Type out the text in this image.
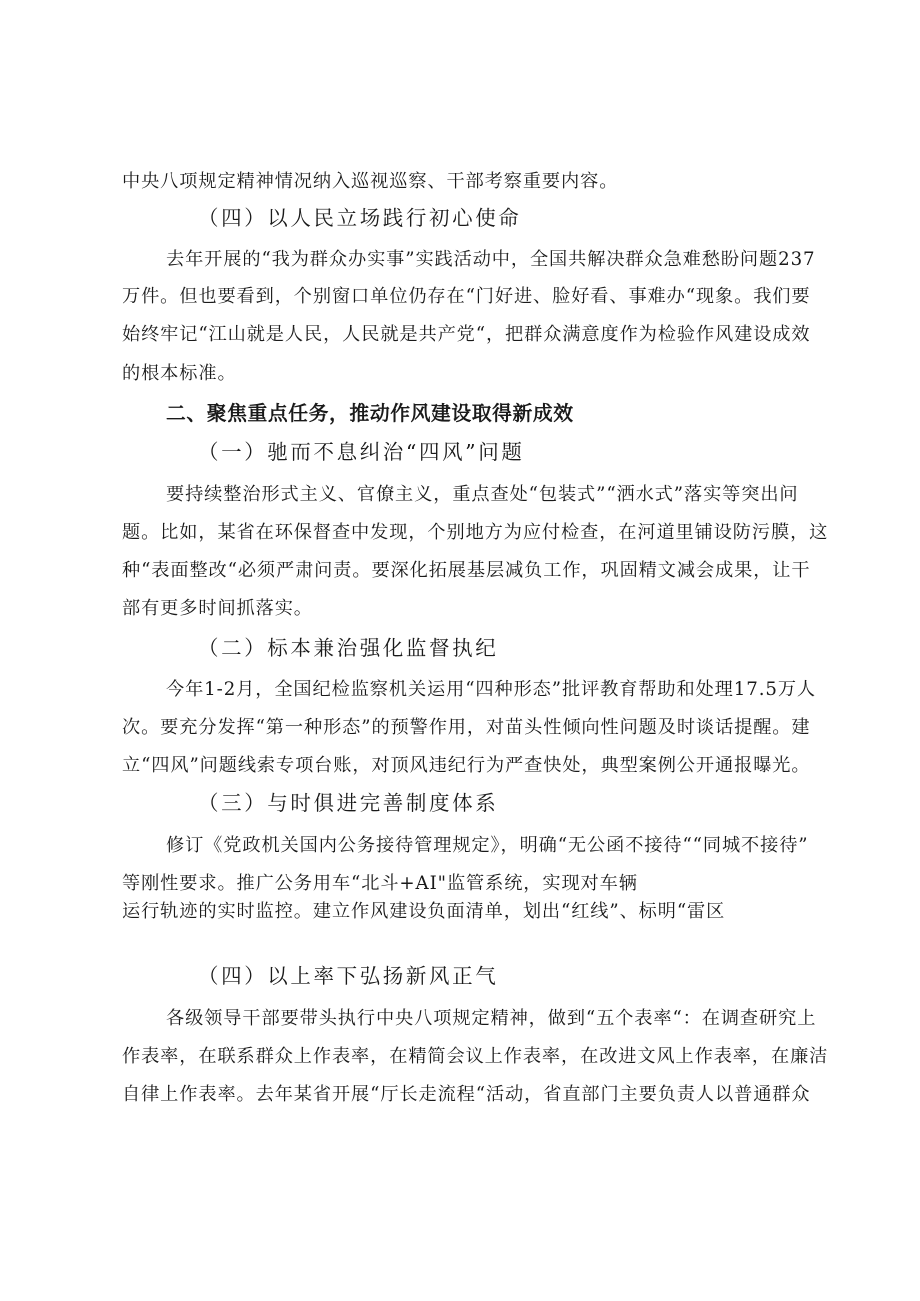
中央八项规定精神情况纳入巡视巡察、干部考察重要内容。
（四）以人民立场践行初心使命
去年开展的“我为群众办实事”实践活动中，全国共解决群众急难愁盼问题237
万件。但也要看到，个别窗口单位仍存在“门好进、脸好看、事难办“现象。我们要
始终牢记“江山就是人民，人民就是共产党“，把群众满意度作为检验作风建设成效
的根本标准。
二、聚焦重点任务，推动作风建设取得新成效
（一）驰而不息纠治“四风”问题
要持续整治形式主义、官僚主义，重点查处“包装式”“洒水式”落实等突出问
题。比如，某省在环保督查中发现，个别地方为应付检查，在河道里铺设防污膜，这
种“表面整改“必须严肃问责。要深化拓展基层减负工作，巩固精文减会成果，让干
部有更多时间抓落实。
（二）标本兼治强化监督执纪
今年1-2月，全国纪检监察机关运用“四种形态”批评教育帮助和处理17.5万人
次。要充分发挥“第一种形态”的预警作用，对苗头性倾向性问题及时谈话提醒。建
立“四风”问题线索专项台账，对顶风违纪行为严查快处，典型案例公开通报曝光。
（三）与时俱进完善制度体系
修订《党政机关国内公务接待管理规定》，明确“无公函不接待““同城不接待”
等刚性要求。推广公务用车“北斗+AI"监管系统，实现对车辆
运行轨迹的实时监控。建立作风建设负面清单，划出“红线”、标明“雷区
（四）以上率下弘扬新风正气
各级领导干部要带头执行中央八项规定精神，做到“五个表率“：在调查研究上
作表率，在联系群众上作表率，在精简会议上作表率，在改进文风上作表率，在廉洁
自律上作表率。去年某省开展“厅长走流程“活动，省直部门主要负责人以普通群众
